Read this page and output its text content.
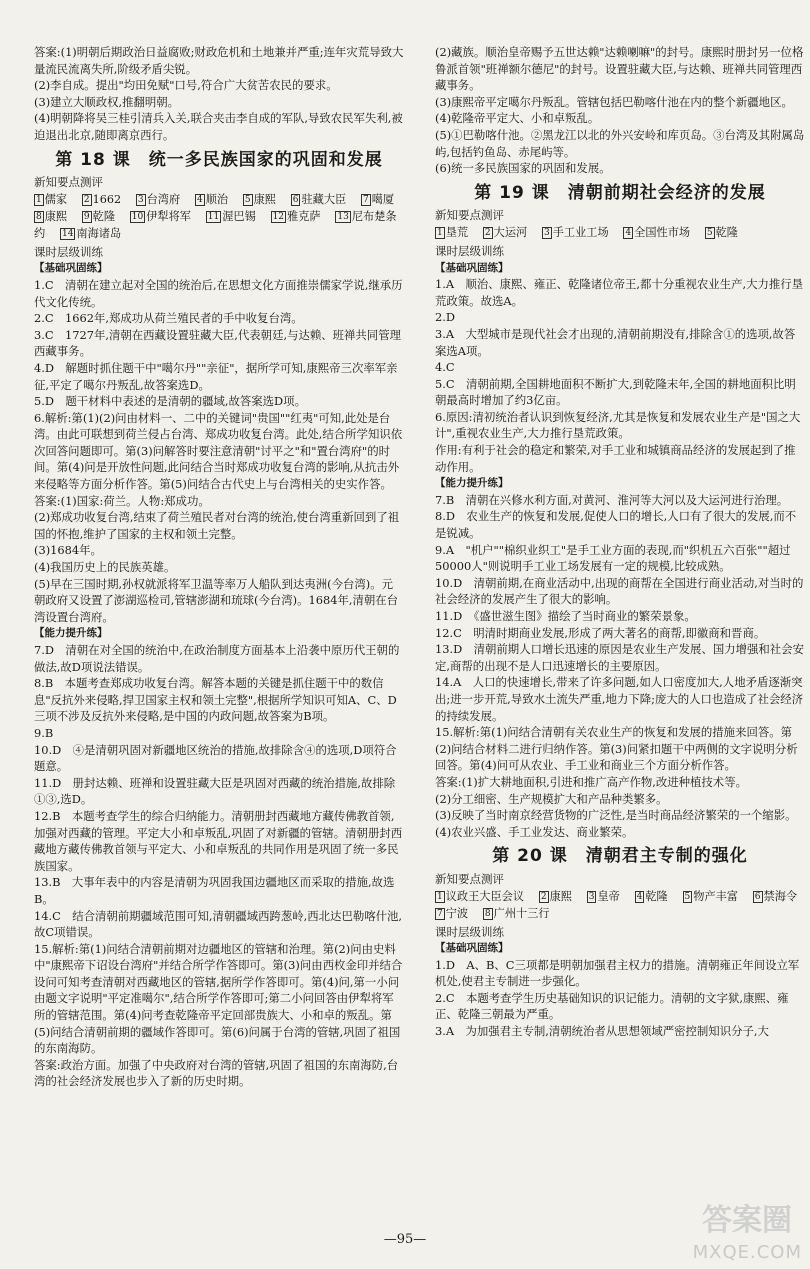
答案:(1)明朝后期政治日益腐败;财政危机和土地兼并严重;连年灾荒导致大量流民流离失所,阶级矛盾尖锐。

(2)李自成。提出"均田免赋"口号,符合广大贫苦农民的要求。

(3)建立大顺政权,推翻明朝。

(4)明朝降将吴三桂引清兵入关,联合夹击李自成的军队,导致农民军失利,被迫退出北京,随即离京西行。

第 18 课　统一多民族国家的巩固和发展
新知要点测评
1 儒家　 2 1662　 3 台湾府　 4 顺治　 5 康熙　 6 驻藏大臣　 7 噶厦　 8 康熙　 9 乾隆　 10 伊犁将军　 11 渥巴锡　 12 雅克萨　 13 尼布楚条约　 14 南海诸岛
课时层级训练
【基础巩固练】

1.C　清朝在建立起对全国的统治后,在思想文化方面推崇儒家学说,继承历代文化传统。

2.C　1662年,郑成功从荷兰殖民者的手中收复台湾。

3.C　1727年,清朝在西藏设置驻藏大臣,代表朝廷,与达赖、班禅共同管理西藏事务。

4.D　解题时抓住题干中"噶尔丹""亲征"，据所学可知,康熙帝三次率军亲征,平定了噶尔丹叛乱,故答案选D。

5.D　题干材料中表述的是清朝的疆域,故答案选D项。

6.解析:第(1)(2)问由材料一、二中的关键词"贵国""红夷"可知,此处是台湾。由此可联想到荷兰侵占台湾、郑成功收复台湾。此处,结合所学知识依次回答问题即可。第(3)问解答时要注意清朝"讨平之"和"置台湾府"的时间。第(4)问是开放性问题,此问结合当时郑成功收复台湾的影响,从抗击外来侵略等方面分析作答。第(5)问结合古代史上与台湾相关的史实作答。

答案:(1)国家:荷兰。人物:郑成功。

(2)郑成功收复台湾,结束了荷兰殖民者对台湾的统治,使台湾重新回到了祖国的怀抱,维护了国家的主权和领土完整。

(3)1684年。

(4)我国历史上的民族英雄。

(5)早在三国时期,孙权就派将军卫温等率万人船队到达夷洲(今台湾)。元朝政府又设置了澎湖巡检司,管辖澎湖和琉球(今台湾)。1684年,清朝在台湾设置台湾府。

【能力提升练】

7.D　清朝在对全国的统治中,在政治制度方面基本上沿袭中原历代王朝的做法,故D项说法错误。

8.B　本题考查郑成功收复台湾。解答本题的关键是抓住题干中的数信息"反抗外来侵略,捍卫国家主权和领土完整",根据所学知识可知A、C、D三项不涉及反抗外来侵略,是中国的内政问题,故答案为B项。

9.B

10.D　④是清朝巩固对新疆地区统治的措施,故排除含④的选项,D项符合题意。

11.D　册封达赖、班禅和设置驻藏大臣是巩固对西藏的统治措施,故排除①③,选D。

12.B　本题考查学生的综合归纳能力。清朝册封西藏地方藏传佛教首领,加强对西藏的管理。平定大小和卓叛乱,巩固了对新疆的管辖。清朝册封西藏地方藏传佛教首领与平定大、小和卓叛乱的共同作用是巩固了统一多民族国家。

13.B　大事年表中的内容是清朝为巩固我国边疆地区而采取的措施,故选B。

14.C　结合清朝前期疆域范围可知,清朝疆域西跨葱岭,西北达巴勒喀什池,故C项错误。

15.解析:第(1)问结合清朝前期对边疆地区的管辖和治理。第(2)问由史料中"康熙帝下诏设台湾府"并结合所学作答即可。第(3)问由西枚金印并结合设问可知考查清朝对西藏地区的管辖,据所学作答即可。第(4)问,第一小问由题文字说明"平定准噶尔",结合所学作答即可;第二小问回答由伊犁将军所的管辖范围。第(4)问考查乾隆帝平定回部贵族大、小和卓的叛乱。第(5)问结合清朝前期的疆域作答即可。第(6)问属于台湾的管辖,巩固了祖国的东南海防。

答案:政治方面。加强了中央政府对台湾的管辖,巩固了祖国的东南海防,台湾的社会经济发展也步入了新的历史时期。

(2)藏族。顺治皇帝赐予五世达赖"达赖喇嘛"的封号。康熙时册封另一位格鲁派首领"班禅额尔德尼"的封号。设置驻藏大臣,与达赖、班禅共同管理西藏事务。

(3)康熙帝平定噶尔丹叛乱。管辖包括巴勒喀什池在内的整个新疆地区。

(4)乾隆帝平定大、小和卓叛乱。

(5)①巴勒喀什池。②黑龙江以北的外兴安岭和库页岛。③台湾及其附属岛屿,包括钓鱼岛、赤尾屿等。

(6)统一多民族国家的巩固和发展。

第 19 课　清朝前期社会经济的发展
新知要点测评
1 垦荒　 2 大运河　 3 手工业工场　 4 全国性市场　 5 乾隆
课时层级训练
【基础巩固练】

1.A　顺治、康熙、雍正、乾隆诸位帝王,都十分重视农业生产,大力推行垦荒政策。故选A。

2.D

3.A　大型城市是现代社会才出现的,清朝前期没有,排除含①的选项,故答案选A项。

4.C

5.C　清朝前期,全国耕地面积不断扩大,到乾隆末年,全国的耕地面积比明朝最高时增加了约3亿亩。

6.原因:清初统治者认识到恢复经济,尤其是恢复和发展农业生产是"国之大计",重视农业生产,大力推行垦荒政策。

作用:有利于社会的稳定和繁荣,对手工业和城镇商品经济的发展起到了推动作用。

【能力提升练】

7.B　清朝在兴修水利方面,对黄河、淮河等大河以及大运河进行治理。

8.D　农业生产的恢复和发展,促使人口的增长,人口有了很大的发展,而不是锐减。

9.A　"机户""棉织业织工"是手工业方面的表现,而"织机五六百张""超过50000人"则说明手工业工场发展有一定的规模,比较成熟。

10.D　清朝前期,在商业活动中,出现的商帮在全国进行商业活动,对当时的社会经济的发展产生了很大的影响。

11.D　《盛世滋生图》描绘了当时商业的繁荣景象。

12.C　明清时期商业发展,形成了两大著名的商帮,即徽商和晋商。

13.D　清朝前期人口增长迅速的原因是农业生产发展、国力增强和社会安定,商帮的出现不是人口迅速增长的主要原因。

14.A　人口的快速增长,带来了许多问题,如人口密度加大,人地矛盾逐渐突出;进一步开荒,导致水土流失严重,地力下降;庞大的人口也造成了社会经济的持续发展。

15.解析:第(1)问结合清朝有关农业生产的恢复和发展的措施来回答。第(2)问结合材料二进行归纳作答。第(3)问紧扣题干中两侧的文字说明分析回答。第(4)问可从农业、手工业和商业三个方面分析作答。

答案:(1)扩大耕地面积,引进和推广高产作物,改进种植技术等。

(2)分工细密、生产规模扩大和产品种类繁多。

(3)反映了当时南京经营货物的广泛性,是当时商品经济繁荣的一个缩影。

(4)农业兴盛、手工业发达、商业繁荣。

第 20 课　清朝君主专制的强化
新知要点测评
1 议政王大臣会议　 2 康熙　 3 皇帝　 4 乾隆　 5 物产丰富　 6 禁海令　 7 宁波　 8 广州十三行
课时层级训练
【基础巩固练】

1.D　A、B、C三项都是明朝加强君主权力的措施。清朝雍正年间设立军机处,使君主专制进一步强化。

2.C　本题考查学生历史基础知识的识记能力。清朝的文字狱,康熙、雍正、乾隆三朝最为严重。

3.A　为加强君主专制,清朝统治者从思想领域严密控制知识分子,大

—95—
答案圈
MXQE.COM
